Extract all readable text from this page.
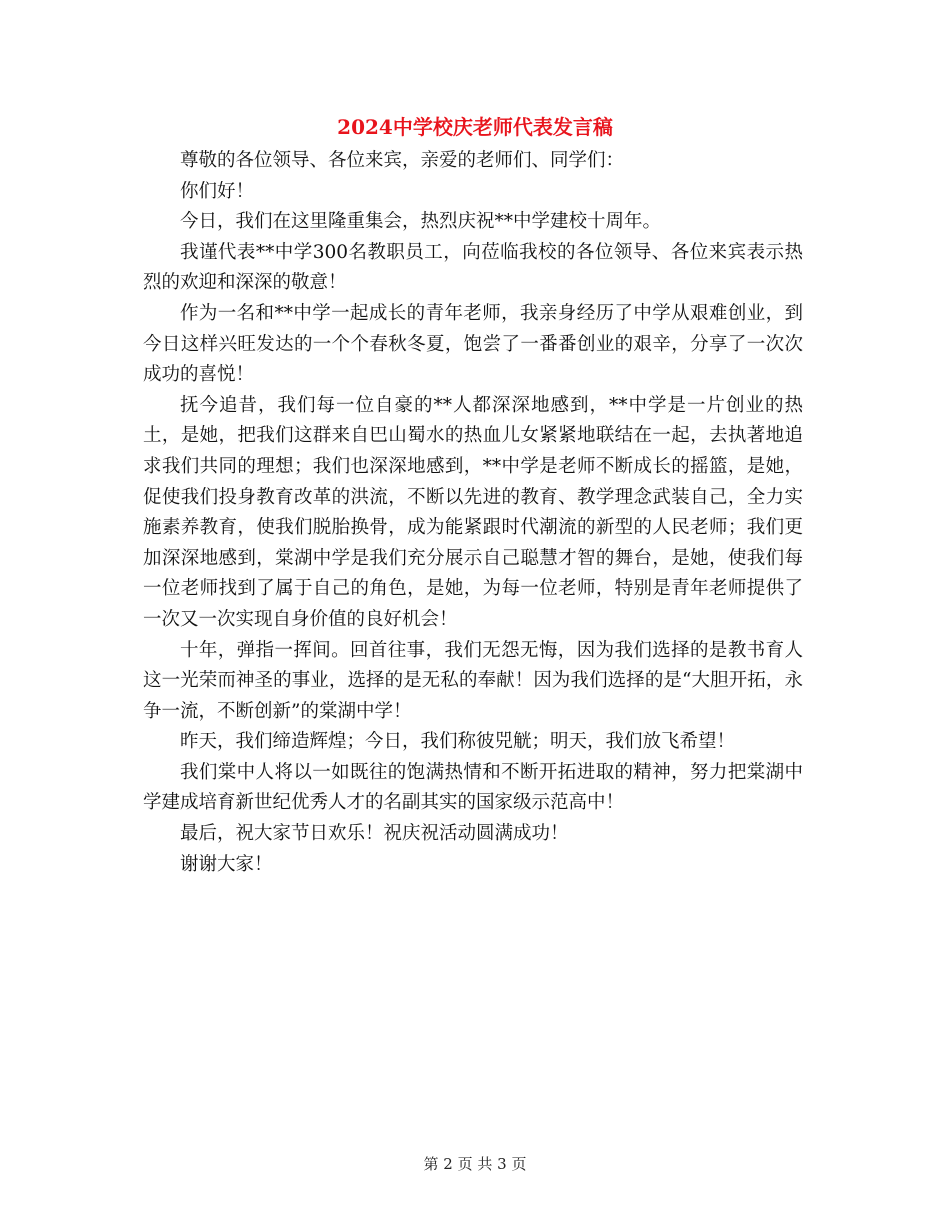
2024中学校庆老师代表发言稿

尊敬的各位领导、各位来宾，亲爱的老师们、同学们：

你们好！

今日，我们在这里隆重集会，热烈庆祝**中学建校十周年。

我谨代表**中学300名教职员工，向莅临我校的各位领导、各位来宾表示热烈的欢迎和深深的敬意！

作为一名和**中学一起成长的青年老师，我亲身经历了中学从艰难创业，到今日这样兴旺发达的一个个春秋冬夏，饱尝了一番番创业的艰辛，分享了一次次成功的喜悦！

抚今追昔，我们每一位自豪的**人都深深地感到，**中学是一片创业的热土，是她，把我们这群来自巴山蜀水的热血儿女紧紧地联结在一起，去执著地追求我们共同的理想；我们也深深地感到，**中学是老师不断成长的摇篮，是她，促使我们投身教育改革的洪流，不断以先进的教育、教学理念武装自己，全力实施素养教育，使我们脱胎换骨，成为能紧跟时代潮流的新型的人民老师；我们更加深深地感到，棠湖中学是我们充分展示自己聪慧才智的舞台，是她，使我们每一位老师找到了属于自己的角色，是她，为每一位老师，特别是青年老师提供了一次又一次实现自身价值的良好机会！

十年，弹指一挥间。回首往事，我们无怨无悔，因为我们选择的是教书育人这一光荣而神圣的事业，选择的是无私的奉献！因为我们选择的是“大胆开拓，永争一流，不断创新”的棠湖中学！

昨天，我们缔造辉煌；今日，我们称彼兕觥；明天，我们放飞希望！

我们棠中人将以一如既往的饱满热情和不断开拓进取的精神，努力把棠湖中学建成培育新世纪优秀人才的名副其实的国家级示范高中！

最后，祝大家节日欢乐！祝庆祝活动圆满成功！

谢谢大家！

第 2 页 共 3 页
